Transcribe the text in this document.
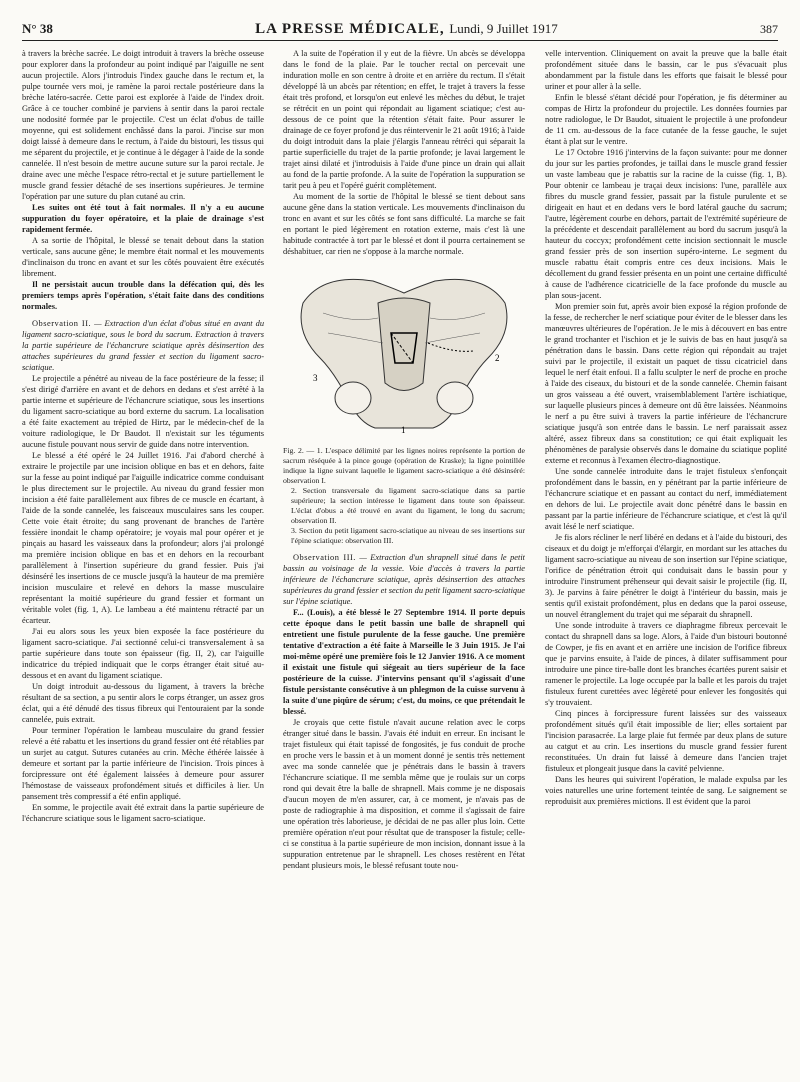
N° 38	LA PRESSE MÉDICALE, Lundi, 9 Juillet 1917	387

à travers la brèche sacrée. Le doigt introduit à travers la brèche osseuse pour explorer dans la profondeur au point indiqué par l'aiguille ne sent aucun projectile. Alors j'introduis l'index gauche dans le rectum et, la pulpe tournée vers moi, je ramène la paroi rectale postérieure dans la brèche latéro-sacrée. Cette paroi est explorée à l'aide de l'index droit. Grâce à ce toucher combiné je parviens à sentir dans la paroi rectale une nodosité formée par le projectile. C'est un éclat d'obus de taille moyenne, qui est solidement enchâssé dans la paroi. J'incise sur mon doigt laissé à demeure dans le rectum, à l'aide du bistouri, les tissus qui me séparent du projectile, et je continue à le dégager à l'aide de la sonde cannelée. Il n'est besoin de mettre aucune suture sur la paroi rectale. Je draine avec une mèche l'espace rétro-rectal et je suture partiellement le muscle grand fessier détaché de ses insertions supérieures. Je termine l'opération par une suture du plan cutané au crin.

Les suites ont été tout à fait normales. Il n'y a eu aucune suppuration du foyer opératoire, et la plaie de drainage s'est rapidement fermée.

A sa sortie de l'hôpital, le blessé se tenait debout dans la station verticale, sans aucune gêne; le membre était normal et les mouvements d'inclinaison du tronc en avant et sur les côtés pouvaient être exécutés librement.

Il ne persistait aucun trouble dans la défécation qui, dès les premiers temps après l'opération, s'était faite dans des conditions normales.

Observation II. — Extraction d'un éclat d'obus situé en avant du ligament sacro-sciatique, sous le bord du sacrum. Extraction à travers la partie supérieure de l'échancrure sciatique après désinsertion des attaches supérieures du grand fessier et section du ligament sacro-sciatique.

Le projectile a pénétré au niveau de la face postérieure de la fesse; il s'est dirigé d'arrière en avant et de dehors en dedans et s'est arrêté à la partie interne et supérieure de l'échancrure sciatique, sous les insertions du ligament sacro-sciatique au bord externe du sacrum. La localisation a été faite exactement au trépied de Hirtz, par le médecin-chef de la voiture radiologique, le Dr Baudot. Il n'existait sur les téguments aucune fistule pouvant nous servir de guide dans notre intervention.

Le blessé a été opéré le 24 Juillet 1916. J'ai d'abord cherché à extraire le projectile par une incision oblique en bas et en dehors, faite sur la fesse au point indiqué par l'aiguille indicatrice comme conduisant le plus directement sur le projectile. Au niveau du grand fessier mon incision a été faite parallèlement aux fibres de ce muscle en écartant, à l'aide de la sonde cannelée, les faisceaux musculaires sans les couper. Cette voie était étroite; du sang provenant de branches de l'artère fessière inondait le champ opératoire; je voyais mal pour opérer et je pinçais au hasard les vaisseaux dans la profondeur; alors j'ai prolongé ma première incision oblique en bas et en dehors en la recourbant parallèlement à l'insertion supérieure du grand fessier. Puis j'ai désinséré les insertions de ce muscle jusqu'à la hauteur de ma première incision musculaire et relevé en dehors la masse musculaire représentant la moitié supérieure du grand fessier et formant un véritable volet (fig. 1, A). Le lambeau a été maintenu rétracté par un écarteur.

J'ai eu alors sous les yeux bien exposée la face postérieure du ligament sacro-sciatique. J'ai sectionné celui-ci transversalement à sa partie supérieure dans toute son épaisseur (fig. II, 2), car l'aiguille indicatrice du trépied indiquait que le corps étranger était situé au-dessous et en avant du ligament sciatique.

Un doigt introduit au-dessous du ligament, à travers la brèche résultant de sa section, a pu sentir alors le corps étranger, un assez gros éclat, qui a été dénudé des tissus fibreux qui l'entouraient par la sonde cannelée, puis extrait.

Pour terminer l'opération le lambeau musculaire du grand fessier relevé a été rabattu et les insertions du grand fessier ont été rétablies par un surjet au catgut. Sutures cutanées au crin. Mèche éthérée laissée à demeure et sortant par la partie inférieure de l'incision. Trois pinces à forcipressure ont été également laissées à demeure pour assurer l'hémostase de vaisseaux profondément situés et difficiles à lier. Un pansement très compressif a été enfin appliqué.

En somme, le projectile avait été extrait dans la partie supérieure de l'échancrure sciatique sous le ligament sacro-sciatique.

A la suite de l'opération il y eut de la fièvre. Un abcès se développa dans le fond de la plaie. Par le toucher rectal on percevait une induration molle en son centre à droite et en arrière du rectum. Il s'était développé là un abcès par rétention; en effet, le trajet à travers la fesse était très profond, et lorsqu'on eut enlevé les mèches du début, le trajet se rétrécit en un point qui répondait au ligament sciatique; c'est au-dessous de ce point que la rétention s'était faite. Pour assurer le drainage de ce foyer profond je dus réintervenir le 21 août 1916; à l'aide du doigt introduit dans la plaie j'élargis l'anneau rétréci qui séparait la partie superficielle du trajet de la partie profonde; je lavai largement le trajet ainsi dilaté et j'introduisis à l'aide d'une pince un drain qui allait au fond de la partie profonde. A la suite de l'opération la suppuration se tarit peu à peu et l'opéré guérit complètement.

Au moment de la sortie de l'hôpital le blessé se tient debout sans aucune gêne dans la station verticale. Les mouvements d'inclinaison du tronc en avant et sur les côtés se font sans difficulté. La marche se fait en portant le pied légèrement en rotation externe, mais c'est là une habitude contractée à tort par le blessé et dont il pourra certainement se déshabituer, car rien ne s'oppose à la marche normale.

3
1
2

Fig. 2. — 1. L'espace délimité par les lignes noires représente la portion de sacrum réséquée à la pince gouge (opération de Kraske); la ligne pointillée indique la ligne suivant laquelle le ligament sacro-sciatique a été désinséré: observation I.

2. Section transversale du ligament sacro-sciatique dans sa partie supérieure; la section intéresse le ligament dans toute son épaisseur. L'éclat d'obus a été trouvé en avant du ligament, le long du sacrum; observation II.

3. Section du petit ligament sacro-sciatique au niveau de ses insertions sur l'épine sciatique: observation III.

Observation III. — Extraction d'un shrapnell situé dans le petit bassin au voisinage de la vessie. Voie d'accès à travers la partie inférieure de l'échancrure sciatique, après désinsertion des attaches supérieures du grand fessier et section du petit ligament sacro-sciatique sur l'épine sciatique.

F... (Louis), a été blessé le 27 Septembre 1914. Il porte depuis cette époque dans le petit bassin une balle de shrapnell qui entretient une fistule purulente de la fesse gauche. Une première tentative d'extraction a été faite à Marseille le 3 Juin 1915. Je l'ai moi-même opéré une première fois le 12 Janvier 1916. A ce moment il existait une fistule qui siégeait au tiers supérieur de la face postérieure de la cuisse. J'intervins pensant qu'il s'agissait d'une fistule persistante consécutive à un phlegmon de la cuisse survenu à la suite d'une piqûre de sérum; c'est, du moins, ce que prétendait le blessé.

Je croyais que cette fistule n'avait aucune relation avec le corps étranger situé dans le bassin. J'avais été induit en erreur. En incisant le trajet fistuleux qui était tapissé de fongosités, je fus conduit de proche en proche vers le bassin et à un moment donné je sentis très nettement avec ma sonde cannelée que je pénétrais dans le bassin à travers l'échancrure sciatique. Il me sembla même que je roulais sur un corps rond qui devait être la balle de shrapnell. Mais comme je ne disposais d'aucun moyen de m'en assurer, car, à ce moment, je n'avais pas de poste de radiographie à ma disposition, et comme il s'agissait de faire une opération très laborieuse, je décidai de ne pas aller plus loin. Cette première opération n'eut pour résultat que de transposer la fistule; celle-ci se constitua à la partie supérieure de mon incision, donnant issue à la suppuration entretenue par le shrapnell. Les choses restèrent en l'état pendant plusieurs mois, le blessé refusant toute nou-

velle intervention. Cliniquement on avait la preuve que la balle était profondément située dans le bassin, car le pus s'évacuait plus abondamment par la fistule dans les efforts que faisait le blessé pour uriner et pour aller à la selle.

Enfin le blessé s'étant décidé pour l'opération, je fis déterminer au compas de Hirtz la profondeur du projectile. Les données fournies par notre radiologue, le Dr Baudot, situaient le projectile à une profondeur de 11 cm. au-dessous de la face cutanée de la fesse gauche, le sujet étant à plat sur le ventre.

Le 17 Octobre 1916 j'intervins de la façon suivante: pour me donner du jour sur les parties profondes, je taillai dans le muscle grand fessier un vaste lambeau que je rabattis sur la racine de la cuisse (fig. 1, B). Pour obtenir ce lambeau je traçai deux incisions: l'une, parallèle aux fibres du muscle grand fessier, passait par la fistule purulente et se dirigeait en haut et en dedans vers le bord latéral gauche du sacrum; l'autre, légèrement courbe en dehors, partait de l'extrémité supérieure de la précédente et descendait parallèlement au bord du sacrum jusqu'à la hauteur du coccyx; profondément cette incision sectionnait le muscle grand fessier près de son insertion supéro-interne. Le segment du muscle rabattu était compris entre ces deux incisions. Mais le décollement du grand fessier présenta en un point une certaine difficulté à cause de l'adhérence cicatricielle de la face profonde du muscle au plan sous-jacent.

Mon premier soin fut, après avoir bien exposé la région profonde de la fesse, de rechercher le nerf sciatique pour éviter de le blesser dans les manœuvres ultérieures de l'opération. Je le mis à découvert en bas entre le grand trochanter et l'ischion et je le suivis de bas en haut jusqu'à sa pénétration dans le bassin. Dans cette région qui répondait au trajet suivi par le projectile, il existait un paquet de tissu cicatriciel dans lequel le nerf était enfoui. Il a fallu sculpter le nerf de proche en proche à l'aide des ciseaux, du bistouri et de la sonde cannelée. Chemin faisant un gros vaisseau a été ouvert, vraisemblablement l'artère ischiatique, sur laquelle plusieurs pinces à demeure ont dû être laissées. Néanmoins le nerf a pu être suivi à travers la partie inférieure de l'échancrure sciatique jusqu'à son entrée dans le bassin. Le nerf paraissait assez altéré, assez fibreux dans sa constitution; ce qui était expliquait les phénomènes de paralysie observés dans le domaine du sciatique poplité externe et reconnus à l'examen électro-diagnostique.

Une sonde cannelée introduite dans le trajet fistuleux s'enfonçait profondément dans le bassin, en y pénétrant par la partie inférieure de l'échancrure sciatique et en passant au contact du nerf, immédiatement en dehors de lui. Le projectile avait donc pénétré dans le bassin en passant par la partie inférieure de l'échancrure sciatique, et c'est là qu'il avait lésé le nerf sciatique.

Je fis alors récliner le nerf libéré en dedans et à l'aide du bistouri, des ciseaux et du doigt je m'efforçai d'élargir, en mordant sur les attaches du ligament sacro-sciatique au niveau de son insertion sur l'épine sciatique, l'orifice de pénétration étroit qui conduisait dans le bassin pour y introduire l'instrument préhenseur qui devait saisir le projectile (fig. II, 3). Je parvins à faire pénétrer le doigt à l'intérieur du bassin, mais je sentis qu'il existait profondément, plus en dedans que la paroi osseuse, un nouvel étranglement du trajet qui me séparait du shrapnell.

Une sonde introduite à travers ce diaphragme fibreux percevait le contact du shrapnell dans sa loge. Alors, à l'aide d'un bistouri boutonné de Cowper, je fis en avant et en arrière une incision de l'orifice fibreux que je parvins ensuite, à l'aide de pinces, à dilater suffisamment pour introduire une pince tire-balle dont les branches écartées purent saisir et ramener le projectile. La loge occupée par la balle et les parois du trajet fistuleux furent curettées avec légèreté pour enlever les fongosités qui s'y trouvaient.

Cinq pinces à forcipressure furent laissées sur des vaisseaux profondément situés qu'il était impossible de lier; elles sortaient par l'incision parasacrée. La large plaie fut fermée par deux plans de suture au catgut et au crin. Les insertions du muscle grand fessier furent reconstituées. Un drain fut laissé à demeure dans l'ancien trajet fistuleux et plongeait jusque dans la cavité pelvienne.

Dans les heures qui suivirent l'opération, le malade expulsa par les voies naturelles une urine fortement teintée de sang. Le saignement se reproduisit aux premières mictions. Il est évident que la paroi
